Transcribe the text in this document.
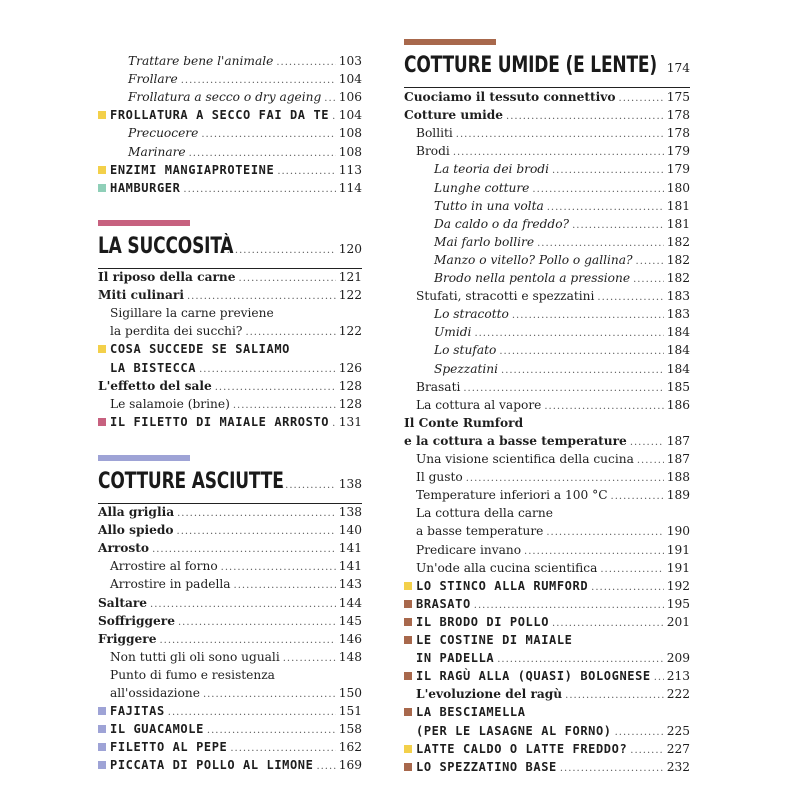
Trattare bene l'animale .....	103
Frollare .....	104
Frollatura a secco o dry ageing ..... 106
FROLLATURA A SECCO FAI DA TE ..... 104
Precuocere .....	108
Marinare .....	108
ENZIMI MANGIAPROTEINE .....	113
HAMBURGER .....	114
LA SUCCOSITÀ .....	120
Il riposo della carne .....	121
Miti culinari .....	122
Sigillare la carne previene
la perdita dei succhi? .....	122
COSA SUCCEDE SE SALIAMO
LA BISTECCA .....	126
L'effetto del sale .....	128
Le salamoie (brine) .....	128
IL FILETTO DI MAIALE ARROSTO ..... 131
COTTURE ASCIUTTE .....	138
Alla griglia .....	138
Allo spiedo .....	140
Arrosto .....	141
Arrostire al forno .....	141
Arrostire in padella .....	143
Saltare .....	144
Soffriggere .....	145
Friggere .....	146
Non tutti gli oli sono uguali .....	148
Punto di fumo e resistenza
all'ossidazione .....	150
FAJITAS .....	151
IL GUACAMOLE .....	158
FILETTO AL PEPE .....	162
PICCATA DI POLLO AL LIMONE ..... 169
COTTURE UMIDE (E LENTE) ..... 174
Cuociamo il tessuto connettivo .....	175
Cotture umide .....	178
Bolliti .....	178
Brodi .....	179
La teoria dei brodi .....	179
Lunghe cotture .....	180
Tutto in una volta .....	181
Da caldo o da freddo? .....	181
Mai farlo bollire .....	182
Manzo o vitello? Pollo o gallina? .....	182
Brodo nella pentola a pressione .....	182
Stufati, stracotti e spezzatini .....	183
Lo stracotto .....	183
Umidi .....	184
Lo stufato .....	184
Spezzatini .....	184
Brasati .....	185
La cottura al vapore .....	186
Il Conte Rumford
e la cottura a basse temperature .....	187
Una visione scientifica della cucina .....	187
Il gusto .....	188
Temperature inferiori a 100 °C .....	189
La cottura della carne
a basse temperature .....	190
Predicare invano .....	191
Un'ode alla cucina scientifica .....	191
LO STINCO ALLA RUMFORD .....	192
BRASATO .....	195
IL BRODO DI POLLO .....	201
LE COSTINE DI MAIALE
IN PADELLA .....	209
IL RAGÙ ALLA (QUASI) BOLOGNESE ..... 213
L'evoluzione del ragù .....	222
LA BESCIAMELLA
(PER LE LASAGNE AL FORNO) .....	225
LATTE CALDO O LATTE FREDDO? .....	227
LO SPEZZATINO BASE .....	232
